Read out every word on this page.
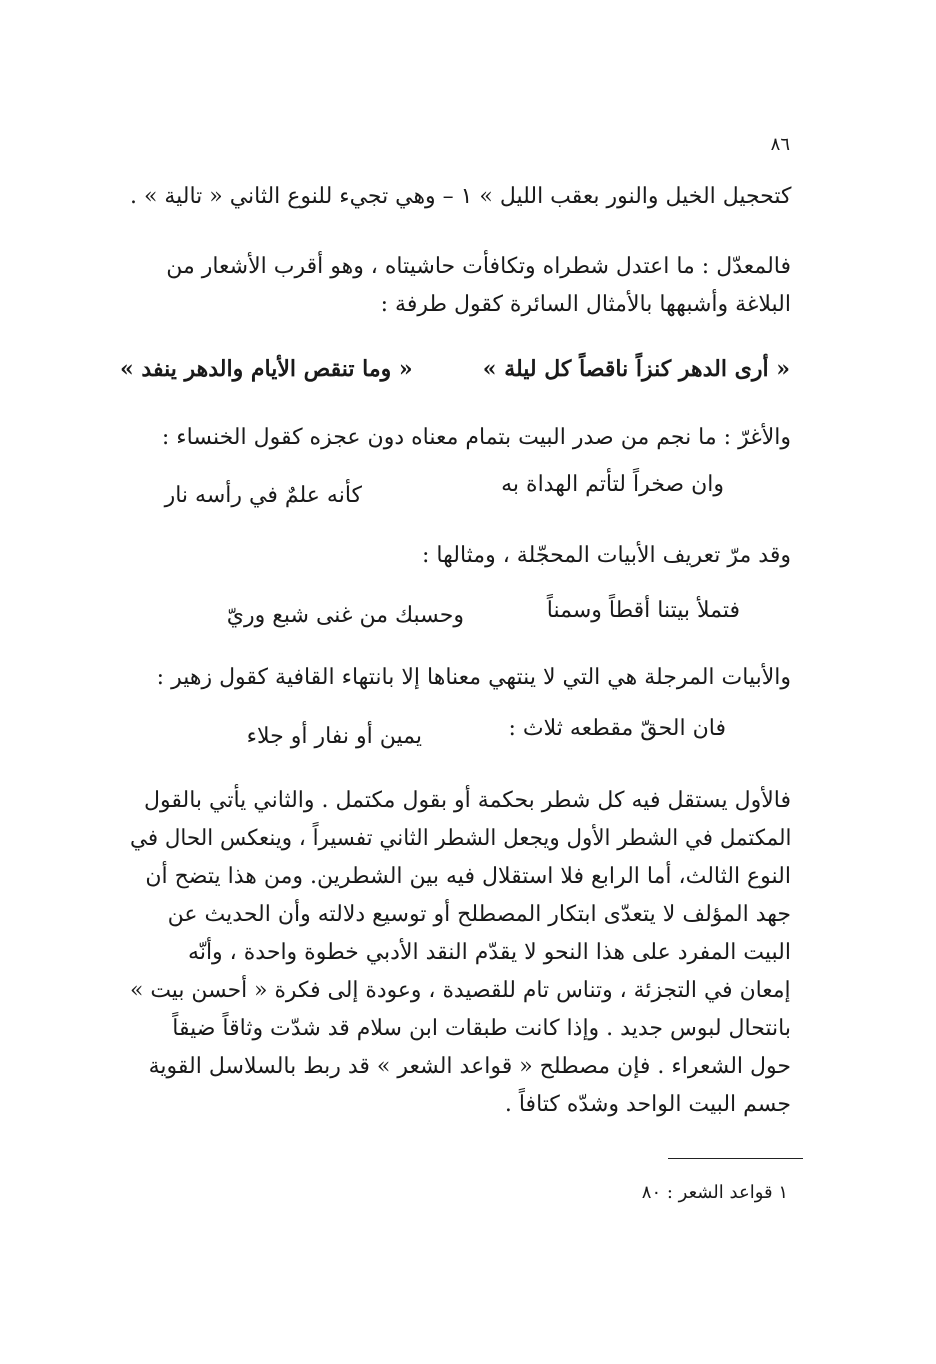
٨٦
كتحجيل الخيل والنور بعقب الليل » ١ – وهي تجيء للنوع الثاني « تالية » .
فالمعدّل : ما اعتدل شطراه وتكافأت حاشيتاه ، وهو أقرب الأشعار من
البلاغة وأشبهها بالأمثال السائرة كقول طرفة :
« أرى الدهر كنزاً ناقصاً كل ليلة »
« وما تنقص الأيام والدهر ينفد »
والأغرّ : ما نجم من صدر البيت بتمام معناه دون عجزه كقول الخنساء :
وان صخراً لتأتم الهداة به
كأنه علمٌ في رأسه نار
وقد مرّ تعريف الأبيات المحجّلة ، ومثالها :
فتملأ بيتنا أقطاً وسمناً
وحسبك من غنى شبع وريّ
والأبيات المرجلة هي التي لا ينتهي معناها إلا بانتهاء القافية كقول زهير :
فان الحقّ مقطعه ثلاث :
يمين أو نفار أو جلاء
فالأول يستقل فيه كل شطر بحكمة أو بقول مكتمل . والثاني يأتي بالقول
المكتمل في الشطر الأول ويجعل الشطر الثاني تفسيراً ، وينعكس الحال في
النوع الثالث، أما الرابع فلا استقلال فيه بين الشطرين. ومن هذا يتضح أن
جهد المؤلف لا يتعدّى ابتكار المصطلح أو توسيع دلالته وأن الحديث عن
البيت المفرد على هذا النحو لا يقدّم النقد الأدبي خطوة واحدة ، وأنّه
إمعان في التجزئة ، وتناس تام للقصيدة ، وعودة إلى فكرة « أحسن بيت »
بانتحال لبوس جديد . وإذا كانت طبقات ابن سلام قد شدّت وثاقاً ضيقاً
حول الشعراء . فإن مصطلح « قواعد الشعر » قد ربط بالسلاسل القوية
جسم البيت الواحد وشدّه كتافاً .
١ قواعد الشعر : ٨٠
